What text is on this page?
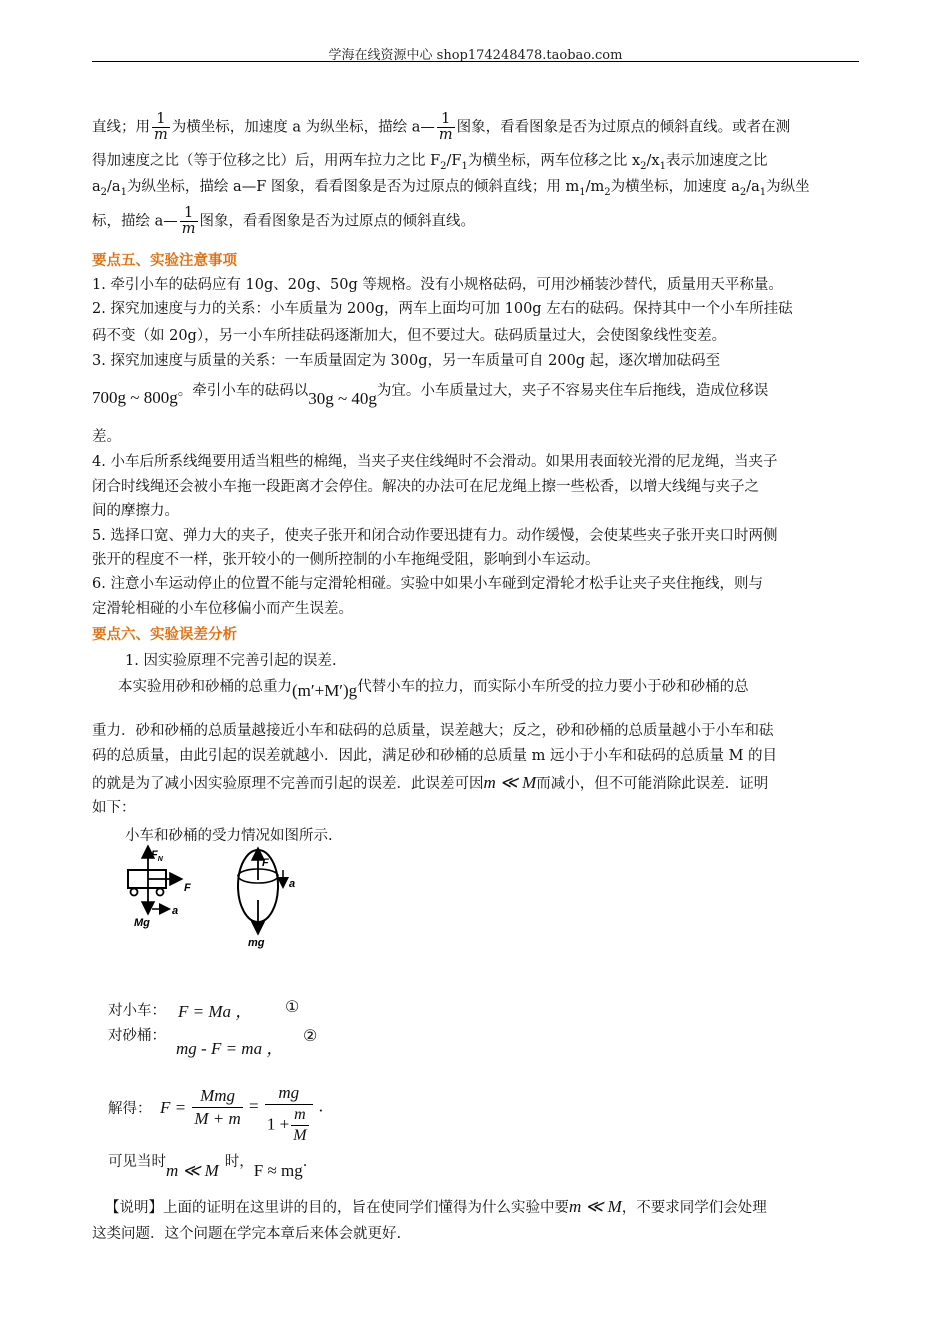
学海在线资源中心 shop174248478.taobao.com
直线；用 $\frac{1}{m}$ 为横坐标，加速度 a 为纵坐标，描绘 a— $\frac{1}{m}$ 图象，看看图象是否为过原点的倾斜直线。或者在测
得加速度之比（等于位移之比）后，用两车拉力之比 $F_2/F_1$为横坐标，两车位移之比 $x_2/x_1$表示加速度之比
$a_2/a_1$为纵坐标，描绘 a—F 图象，看看图象是否为过原点的倾斜直线；用 $m_1/m_2$为横坐标，加速度 $a_2/a_1$为纵坐
标，描绘 a— $\frac{1}{m}$ 图象，看看图象是否为过原点的倾斜直线。
要点五、实验注意事项
1. 牵引小车的砝码应有 10g、20g、50g 等规格。没有小规格砝码，可用沙桶装沙替代，质量用天平称量。
2. 探究加速度与力的关系：小车质量为 200g，两车上面均可加 100g 左右的砝码。保持其中一个小车所挂砝
码不变（如 20g），另一小车所挂砝码逐渐加大，但不要过大。砝码质量过大，会使图象线性变差。
3. 探究加速度与质量的关系：一车质量固定为 300g，另一车质量可自 200g 起，逐次增加砝码至
700g ~ 800g。牵引小车的砝码以30g ~ 40g为宜。小车质量过大，夹子不容易夹住车后拖线，造成位移误
差。
4. 小车后所系线绳要用适当粗些的棉绳，当夹子夹住线绳时不会滑动。如果用表面较光滑的尼龙绳，当夹子
闭合时线绳还会被小车拖一段距离才会停住。解决的办法可在尼龙绳上擦一些松香，以增大线绳与夹子之
间的摩擦力。
5. 选择口宽、弹力大的夹子，使夹子张开和闭合动作要迅捷有力。动作缓慢，会使某些夹子张开夹口时两侧
张开的程度不一样，张开较小的一侧所控制的小车拖绳受阻，影响到小车运动。
6. 注意小车运动停止的位置不能与定滑轮相碰。实验中如果小车碰到定滑轮才松手让夹子夹住拖线，则与
定滑轮相碰的小车位移偏小而产生误差。
要点六、实验误差分析
1. 因实验原理不完善引起的误差.
本实验用砂和砂桶的总重力(m′+M′)g代替小车的拉力，而实际小车所受的拉力要小于砂和砂桶的总
重力．砂和砂桶的总质量越接近小车和砝码的总质量，误差越大；反之，砂和砂桶的总质量越小于小车和砝
码的总质量，由此引起的误差就越小．因此，满足砂和砂桶的总质量 m 远小于小车和砝码的总质量 M 的目
的就是为了减小因实验原理不完善而引起的误差．此误差可因m ≪ M而减小，但不可能消除此误差．证明
如下：
小车和砂桶的受力情况如图所示.
$F_N$
F
Mg
a
F
a
mg
对小车： F = Ma ， ①
对砂桶：
mg - F = ma ，
②
解得： $F = \frac{\text{Mmg}}{M + m} = \frac{mg}{1 + \frac{m}{M}}$ .
可见当时m ≪ M 时，F ≈ mg.
【说明】上面的证明在这里讲的目的，旨在使同学们懂得为什么实验中要m ≪ M，不要求同学们会处理
这类问题．这个问题在学完本章后来体会就更好.
